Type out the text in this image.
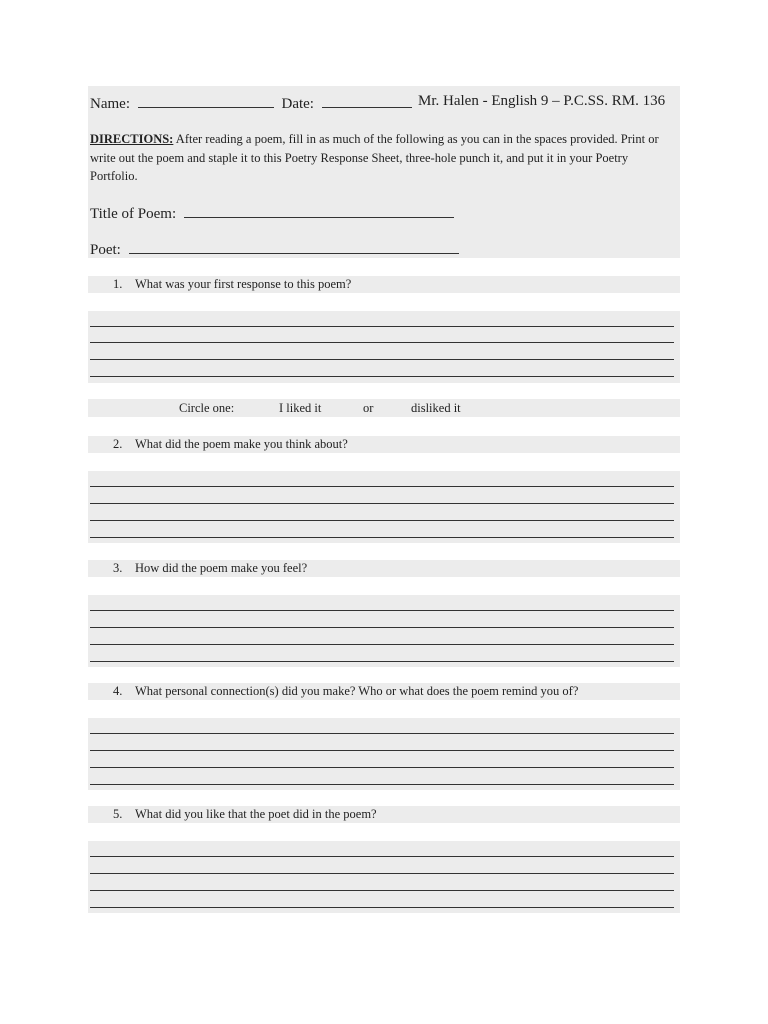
Name:	Date:	Mr. Halen - English 9 – P.C.SS. RM. 136
DIRECTIONS: After reading a poem, fill in as much of the following as you can in the spaces provided. Print or write out the poem and staple it to this Poetry Response Sheet, three-hole punch it, and put it in your Poetry Portfolio.
Title of Poem:
Poet:
1. What was your first response to this poem?
Circle one:	I liked it	or	disliked it
2. What did the poem make you think about?
3. How did the poem make you feel?
4. What personal connection(s) did you make? Who or what does the poem remind you of?
5. What did you like that the poet did in the poem?
